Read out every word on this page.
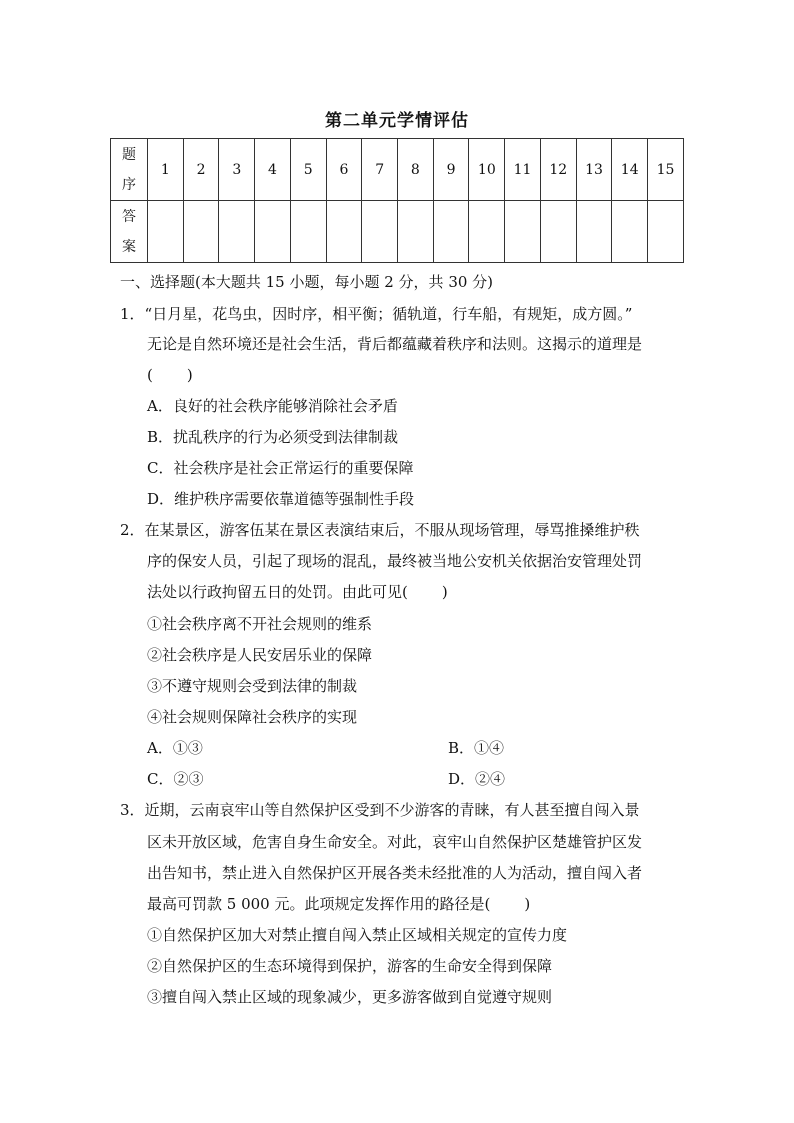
第二单元学情评估
题
序	1	2	3	4	5	6	7	8	9	10	11	12	13	14	15

答
案															

一、选择题(本大题共 15 小题，每小题 2 分，共 30 分)
1．“日月星，花鸟虫，因时序，相平衡；循轨道，行车船，有规矩，成方圆。”
无论是自然环境还是社会生活，背后都蕴藏着秩序和法则。这揭示的道理是
( )
A．良好的社会秩序能够消除社会矛盾
B．扰乱秩序的行为必须受到法律制裁
C．社会秩序是社会正常运行的重要保障
D．维护秩序需要依靠道德等强制性手段
2．在某景区，游客伍某在景区表演结束后，不服从现场管理，辱骂推搡维护秩
序的保安人员，引起了现场的混乱，最终被当地公安机关依据治安管理处罚
法处以行政拘留五日的处罚。由此可见( )
①社会秩序离不开社会规则的维系
②社会秩序是人民安居乐业的保障
③不遵守规则会受到法律的制裁
④社会规则保障社会秩序的实现
A．①③	B．①④
C．②③	D．②④
3．近期，云南哀牢山等自然保护区受到不少游客的青睐，有人甚至擅自闯入景
区未开放区域，危害自身生命安全。对此，哀牢山自然保护区楚雄管护区发
出告知书，禁止进入自然保护区开展各类未经批准的人为活动，擅自闯入者
最高可罚款 5 000 元。此项规定发挥作用的路径是( )
①自然保护区加大对禁止擅自闯入禁止区域相关规定的宣传力度
②自然保护区的生态环境得到保护，游客的生命安全得到保障
③擅自闯入禁止区域的现象减少，更多游客做到自觉遵守规则
